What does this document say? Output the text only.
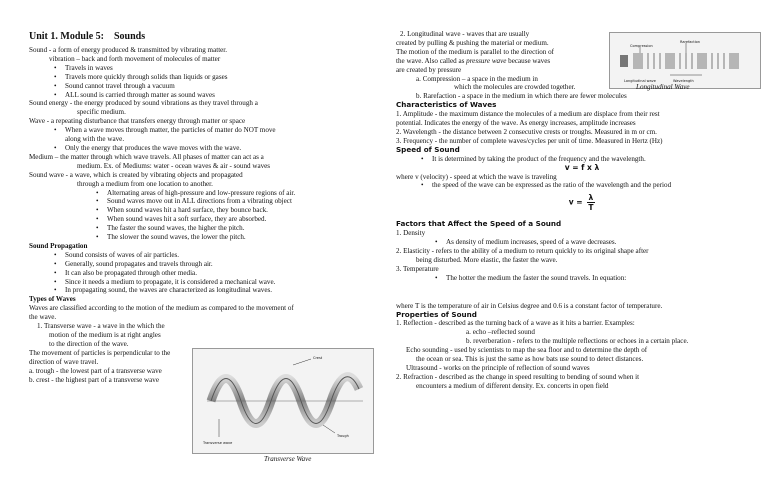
Unit 1. Module 5: Sounds

Sound - a form of energy produced & transmitted by vibrating matter.

vibration – back and forth movement of molecules of matter

• Travels in waves
• Travels more quickly through solids than liquids or gases
• Sound cannot travel through a vacuum
• ALL sound is carried through matter as sound waves

Sound energy - the energy produced by sound vibrations as they travel through a

specific medium.

Wave - a repeating disturbance that transfers energy through matter or space

• When a wave moves through matter, the particles of matter do NOT move
along with the wave.
• Only the energy that produces the wave moves with the wave.

Medium – the matter through which wave travels. All phases of matter can act as a

medium. Ex. of Mediums: water - ocean waves & air - sound waves

Sound wave - a wave, which is created by vibrating objects and propagated

through a medium from one location to another.

• Alternating areas of high-pressure and low-pressure regions of air.
• Sound waves move out in ALL directions from a vibrating object
• When sound waves hit a hard surface, they bounce back.
• When sound waves hit a soft surface, they are absorbed.
• The faster the sound waves, the higher the pitch.
• The slower the sound waves, the lower the pitch.

Sound Propagation

• Sound consists of waves of air particles.
• Generally, sound propagates and travels through air.
• It can also be propagated through other media.
• Since it needs a medium to propagate, it is considered a mechanical wave.
• In propagating sound, the waves are characterized as longitudinal waves.

Types of Waves

Waves are classified according to the motion of the medium as compared to the movement of

the wave.

1. Transverse wave - a wave in the which the

motion of the medium is at right angles

to the direction of the wave.

The movement of particles is perpendicular to the

direction of wave travel.

a. trough - the lowest part of a transverse wave

b. crest - the highest part of a transverse wave

Crest
Trough
Transverse wave
Transverse Wave
Compression
Rarefaction
Wavelength
Longitudinal wave

2. Longitudinal wave - waves that are usually

created by pulling & pushing the material or medium.

The motion of the medium is parallel to the direction of

the wave. Also called as pressure wave because waves

are created by pressure

a. Compression – a space in the medium in

which the molecules are crowded together.	Longitudinal Wave

b. Rarefaction - a space in the medium in which there are fewer molecules

Characteristics of Waves

1. Amplitude - the maximum distance the molecules of a medium are displace from their rest

potential. Indicates the energy of the wave. As energy increases, amplitude increases

2. Wavelength - the distance between 2 consecutive crests or troughs. Measured in m or cm.

3. Frequency - the number of complete waves/cycles per unit of time. Measured in Hertz (Hz)

Speed of Sound

• It is determined by taking the product of the frequency and the wavelength.

v = f x λ

where v (velocity) - speed at which the wave is traveling

• the speed of the wave can be expressed as the ratio of the wavelength and the period

$v = \frac{\lambda}{T}$

Factors that Affect the Speed of a Sound

1. Density

• As density of medium increases, speed of a wave decreases.

2. Elasticity - refers to the ability of a medium to return quickly to its original shape after

being disturbed. More elastic, the faster the wave.

3. Temperature

• The hotter the medium the faster the sound travels. In equation:

where T is the temperature of air in Celsius degree and 0.6 is a constant factor of temperature.

Properties of Sound

1. Reflection - described as the turning back of a wave as it hits a barrier. Examples:

a. echo –reflected sound

b. reverberation - refers to the multiple reflections or echoes in a certain place.

Echo sounding - used by scientists to map the sea floor and to determine the depth of

the ocean or sea. This is just the same as how bats use sound to detect distances.

Ultrasound - works on the principle of reflection of sound waves

2. Refraction - described as the change in speed resulting to bending of sound when it

encounters a medium of different density. Ex. concerts in open field
